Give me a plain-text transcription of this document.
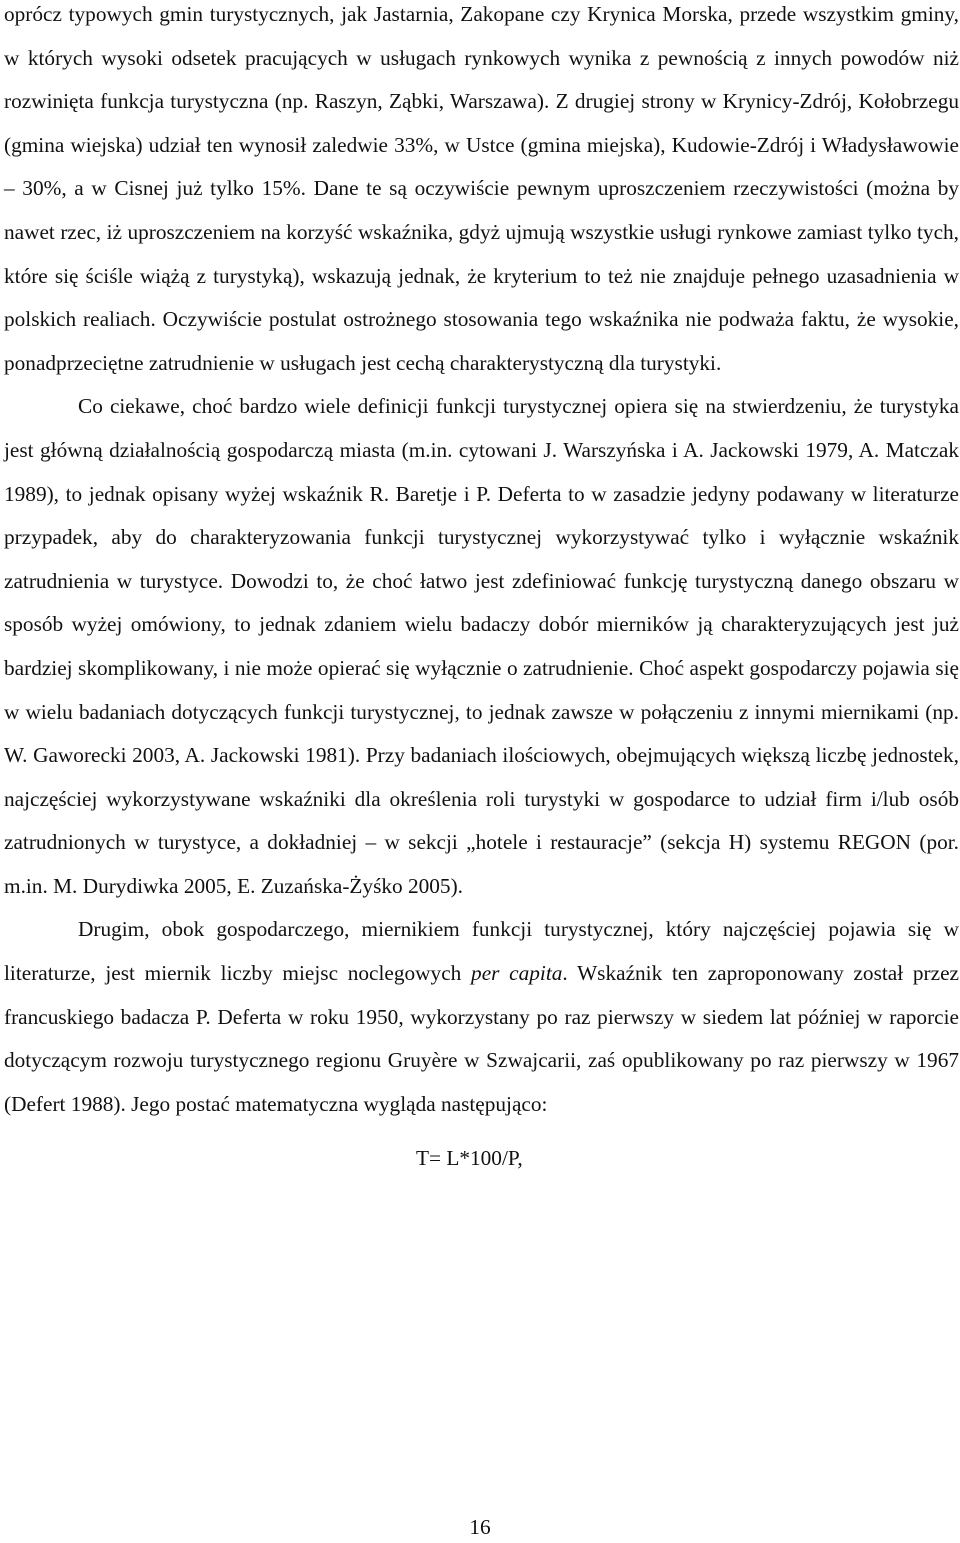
oprócz typowych gmin turystycznych, jak Jastarnia, Zakopane czy Krynica Morska, przede wszystkim gminy, w których wysoki odsetek pracujących w usługach rynkowych wynika z pewnością z innych powodów niż rozwinięta funkcja turystyczna (np. Raszyn, Ząbki, Warszawa). Z drugiej strony w Krynicy-Zdrój, Kołobrzegu (gmina wiejska) udział ten wynosił zaledwie 33%, w Ustce (gmina miejska), Kudowie-Zdrój i Władysławowie – 30%, a w Cisnej już tylko 15%. Dane te są oczywiście pewnym uproszczeniem rzeczywistości (można by nawet rzec, iż uproszczeniem na korzyść wskaźnika, gdyż ujmują wszystkie usługi rynkowe zamiast tylko tych, które się ściśle wiążą z turystyką), wskazują jednak, że kryterium to też nie znajduje pełnego uzasadnienia w polskich realiach. Oczywiście postulat ostrożnego stosowania tego wskaźnika nie podważa faktu, że wysokie, ponadprzeciętne zatrudnienie w usługach jest cechą charakterystyczną dla turystyki.

Co ciekawe, choć bardzo wiele definicji funkcji turystycznej opiera się na stwierdzeniu, że turystyka jest główną działalnością gospodarczą miasta (m.in. cytowani J. Warszyńska i A. Jackowski 1979, A. Matczak 1989), to jednak opisany wyżej wskaźnik R. Baretje i P. Deferta to w zasadzie jedyny podawany w literaturze przypadek, aby do charakteryzowania funkcji turystycznej wykorzystywać tylko i wyłącznie wskaźnik zatrudnienia w turystyce. Dowodzi to, że choć łatwo jest zdefiniować funkcję turystyczną danego obszaru w sposób wyżej omówiony, to jednak zdaniem wielu badaczy dobór mierników ją charakteryzujących jest już bardziej skomplikowany, i nie może opierać się wyłącznie o zatrudnienie. Choć aspekt gospodarczy pojawia się w wielu badaniach dotyczących funkcji turystycznej, to jednak zawsze w połączeniu z innymi miernikami (np. W. Gaworecki 2003, A. Jackowski 1981). Przy badaniach ilościowych, obejmujących większą liczbę jednostek, najczęściej wykorzystywane wskaźniki dla określenia roli turystyki w gospodarce to udział firm i/lub osób zatrudnionych w turystyce, a dokładniej – w sekcji „hotele i restauracje” (sekcja H) systemu REGON (por. m.in. M. Durydiwka 2005, E. Zuzańska-Żyśko 2005).

Drugim, obok gospodarczego, miernikiem funkcji turystycznej, który najczęściej pojawia się w literaturze, jest miernik liczby miejsc noclegowych per capita. Wskaźnik ten zaproponowany został przez francuskiego badacza P. Deferta w roku 1950, wykorzystany po raz pierwszy w siedem lat później w raporcie dotyczącym rozwoju turystycznego regionu Gruyère w Szwajcarii, zaś opublikowany po raz pierwszy w 1967 (Defert 1988). Jego postać matematyczna wygląda następująco:

T= L*100/P,

16
